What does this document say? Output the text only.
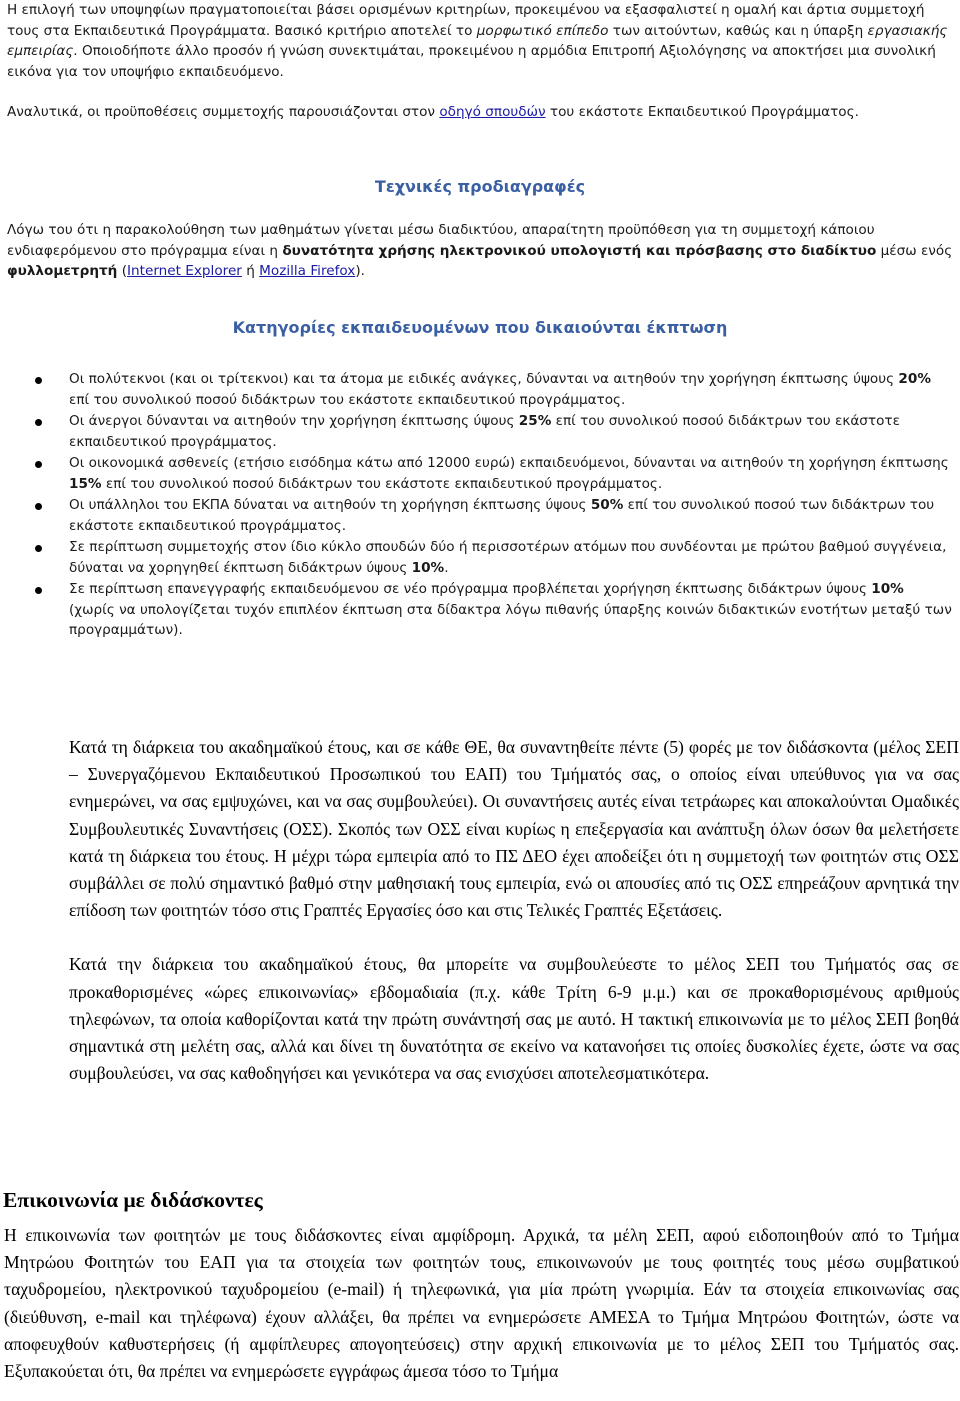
Η επιλογή των υποψηφίων πραγματοποιείται βάσει ορισμένων κριτηρίων, προκειμένου να εξασφαλιστεί η ομαλή και άρτια συμμετοχή τους στα Εκπαιδευτικά Προγράμματα. Βασικό κριτήριο αποτελεί το μορφωτικό επίπεδο των αιτούντων, καθώς και η ύπαρξη εργασιακής εμπειρίας. Οποιοδήποτε άλλο προσόν ή γνώση συνεκτιμάται, προκειμένου η αρμόδια Επιτροπή Αξιολόγησης να αποκτήσει μια συνολική εικόνα για τον υποψήφιο εκπαιδευόμενο.

Αναλυτικά, οι προϋποθέσεις συμμετοχής παρουσιάζονται στον οδηγό σπουδών του εκάστοτε Εκπαιδευτικού Προγράμματος.

Τεχνικές προδιαγραφές

Λόγω του ότι η παρακολούθηση των μαθημάτων γίνεται μέσω διαδικτύου, απαραίτητη προϋπόθεση για τη συμμετοχή κάποιου ενδιαφερόμενου στο πρόγραμμα είναι η δυνατότητα χρήσης ηλεκτρονικού υπολογιστή και πρόσβασης στο διαδίκτυο μέσω ενός φυλλομετρητή (Internet Explorer ή Mozilla Firefox).

Κατηγορίες εκπαιδευομένων που δικαιούνται έκπτωση
Οι πολύτεκνοι (και οι τρίτεκνοι) και τα άτομα με ειδικές ανάγκες, δύνανται να αιτηθούν την χορήγηση έκπτωσης ύψους 20% επί του συνολικού ποσού διδάκτρων του εκάστοτε εκπαιδευτικού προγράμματος.
Οι άνεργοι δύνανται να αιτηθούν την χορήγηση έκπτωσης ύψους 25% επί του συνολικού ποσού διδάκτρων του εκάστοτε εκπαιδευτικού προγράμματος.
Οι οικονομικά ασθενείς (ετήσιο εισόδημα κάτω από 12000 ευρώ) εκπαιδευόμενοι, δύνανται να αιτηθούν τη χορήγηση έκπτωσης 15% επί του συνολικού ποσού διδάκτρων του εκάστοτε εκπαιδευτικού προγράμματος.
Οι υπάλληλοι του ΕΚΠΑ δύναται να αιτηθούν τη χορήγηση έκπτωσης ύψους 50% επί του συνολικού ποσού των διδάκτρων του εκάστοτε εκπαιδευτικού προγράμματος.
Σε περίπτωση συμμετοχής στον ίδιο κύκλο σπουδών δύο ή περισσοτέρων ατόμων που συνδέονται με πρώτου βαθμού συγγένεια, δύναται να χορηγηθεί έκπτωση διδάκτρων ύψους 10%.
Σε περίπτωση επανεγγραφής εκπαιδευόμενου σε νέο πρόγραμμα προβλέπεται χορήγηση έκπτωσης διδάκτρων ύψους 10% (χωρίς να υπολογίζεται τυχόν επιπλέον έκπτωση στα δίδακτρα λόγω πιθανής ύπαρξης κοινών διδακτικών ενοτήτων μεταξύ των προγραμμάτων).

Κατά τη διάρκεια του ακαδημαϊκού έτους, και σε κάθε ΘΕ, θα συναντηθείτε πέντε (5) φορές με τον διδάσκοντα (μέλος ΣΕΠ – Συνεργαζόμενου Εκπαιδευτικού Προσωπικού του ΕΑΠ) του Τμήματός σας, ο οποίος είναι υπεύθυνος για να σας ενημερώνει, να σας εμψυχώνει, και να σας συμβουλεύει). Οι συναντήσεις αυτές είναι τετράωρες και αποκαλούνται Ομαδικές Συμβουλευτικές Συναντήσεις (ΟΣΣ). Σκοπός των ΟΣΣ είναι κυρίως η επεξεργασία και ανάπτυξη όλων όσων θα μελετήσετε κατά τη διάρκεια του έτους. Η μέχρι τώρα εμπειρία από το ΠΣ ΔΕΟ έχει αποδείξει ότι η συμμετοχή των φοιτητών στις ΟΣΣ συμβάλλει σε πολύ σημαντικό βαθμό στην μαθησιακή τους εμπειρία, ενώ οι απουσίες από τις ΟΣΣ επηρεάζουν αρνητικά την επίδοση των φοιτητών τόσο στις Γραπτές Εργασίες όσο και στις Τελικές Γραπτές Εξετάσεις.

Κατά την διάρκεια του ακαδημαϊκού έτους, θα μπορείτε να συμβουλεύεστε το μέλος ΣΕΠ του Τμήματός σας σε προκαθορισμένες «ώρες επικοινωνίας» εβδομαδιαία (π.χ. κάθε Τρίτη 6-9 μ.μ.) και σε προκαθορισμένους αριθμούς τηλεφώνων, τα οποία καθορίζονται κατά την πρώτη συνάντησή σας με αυτό. Η τακτική επικοινωνία με το μέλος ΣΕΠ βοηθά σημαντικά στη μελέτη σας, αλλά και δίνει τη δυνατότητα σε εκείνο να κατανοήσει τις οποίες δυσκολίες έχετε, ώστε να σας συμβουλεύσει, να σας καθοδηγήσει και γενικότερα να σας ενισχύσει αποτελεσματικότερα.

Επικοινωνία με διδάσκοντες

Η επικοινωνία των φοιτητών με τους διδάσκοντες είναι αμφίδρομη. Αρχικά, τα μέλη ΣΕΠ, αφού ειδοποιηθούν από το Τμήμα Μητρώου Φοιτητών του ΕΑΠ για τα στοιχεία των φοιτητών τους, επικοινωνούν με τους φοιτητές τους μέσω συμβατικού ταχυδρομείου, ηλεκτρονικού ταχυδρομείου (e-mail) ή τηλεφωνικά, για μία πρώτη γνωριμία. Εάν τα στοιχεία επικοινωνίας σας (διεύθυνση, e-mail και τηλέφωνα) έχουν αλλάξει, θα πρέπει να ενημερώσετε ΑΜΕΣΑ το Τμήμα Μητρώου Φοιτητών, ώστε να αποφευχθούν καθυστερήσεις (ή αμφίπλευρες απογοητεύσεις) στην αρχική επικοινωνία με το μέλος ΣΕΠ του Τμήματός σας. Εξυπακούεται ότι, θα πρέπει να ενημερώσετε εγγράφως άμεσα τόσο το Τμήμα
